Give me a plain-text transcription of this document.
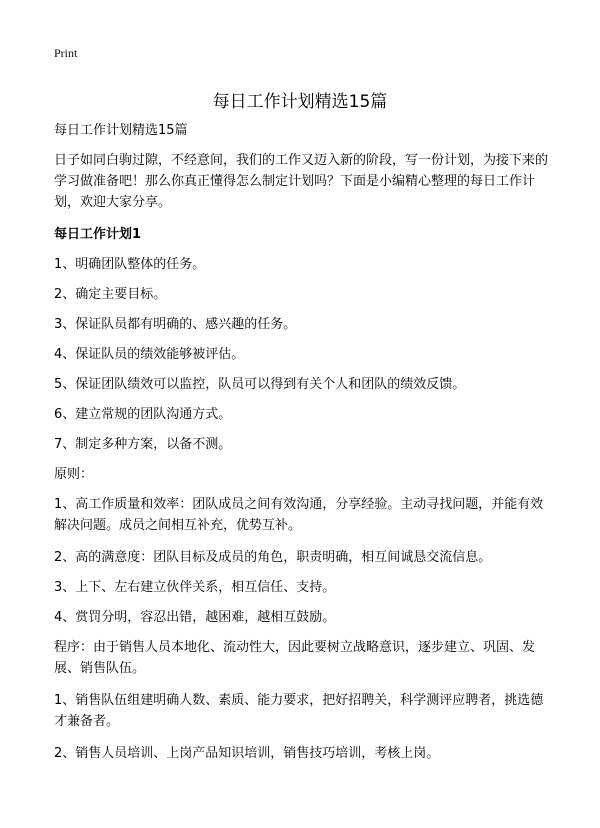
Print
每日工作计划精选15篇

每日工作计划精选15篇

日子如同白驹过隙，不经意间，我们的工作又迈入新的阶段，写一份计划，为接下来的学习做准备吧！那么你真正懂得怎么制定计划吗？下面是小编精心整理的每日工作计划，欢迎大家分享。

每日工作计划1

1、明确团队整体的任务。

2、确定主要目标。

3、保证队员都有明确的、感兴趣的任务。

4、保证队员的绩效能够被评估。

5、保证团队绩效可以监控，队员可以得到有关个人和团队的绩效反馈。

6、建立常规的团队沟通方式。

7、制定多种方案，以备不测。

原则：

1、高工作质量和效率：团队成员之间有效沟通，分享经验。主动寻找问题，并能有效解决问题。成员之间相互补充，优势互补。

2、高的满意度：团队目标及成员的角色，职责明确，相互间诚恳交流信息。

3、上下、左右建立伙伴关系，相互信任、支持。

4、赏罚分明，容忍出错，越困难，越相互鼓励。

程序：由于销售人员本地化、流动性大，因此要树立战略意识，逐步建立、巩固、发展、销售队伍。

1、销售队伍组建明确人数、素质、能力要求，把好招聘关，科学测评应聘者，挑选德才兼备者。

2、销售人员培训、上岗产品知识培训，销售技巧培训，考核上岗。
